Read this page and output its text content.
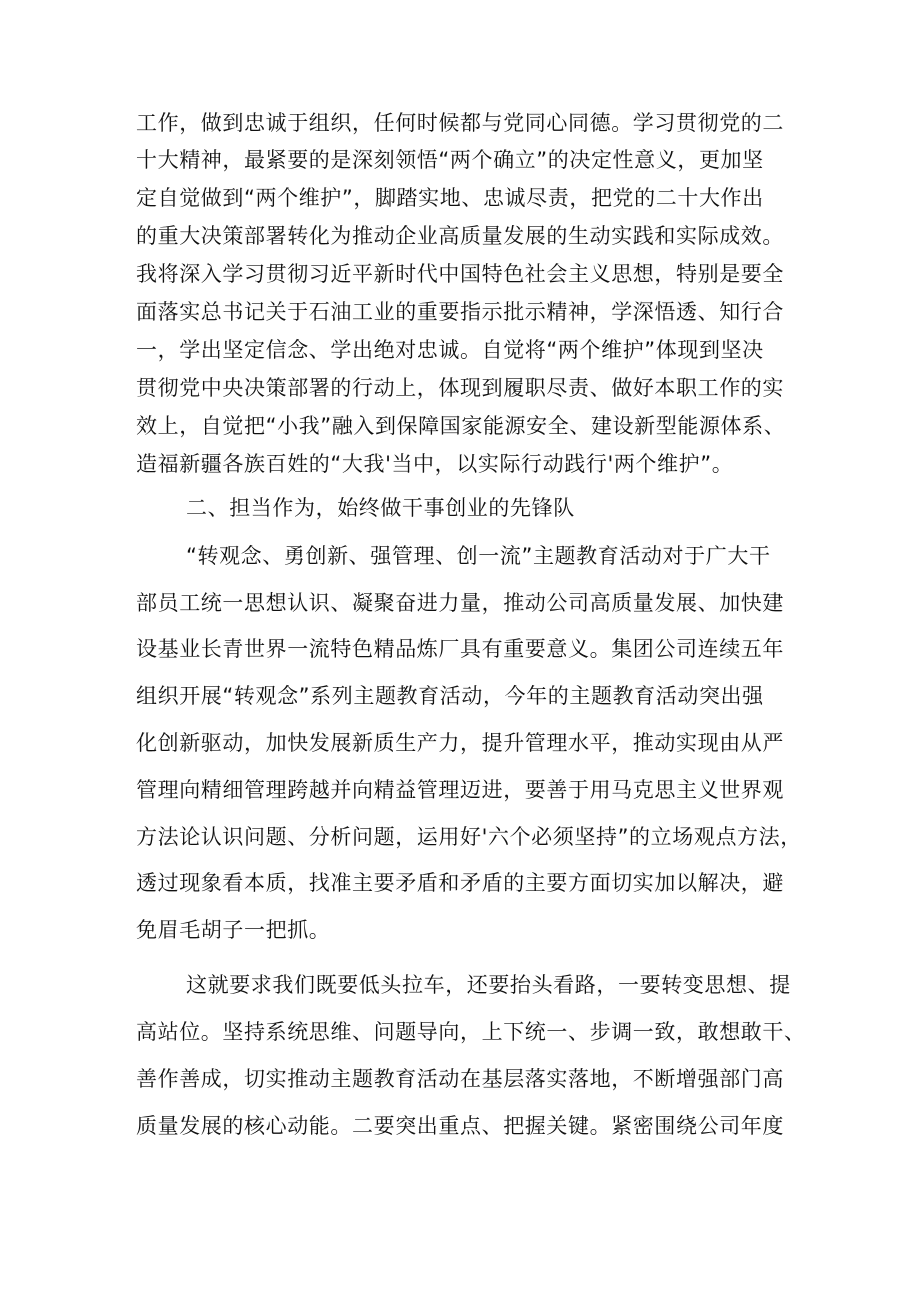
工作，做到忠诚于组织，任何时候都与党同心同德。学习贯彻党的二
十大精神，最紧要的是深刻领悟“两个确立”的决定性意义，更加坚
定自觉做到“两个维护”，脚踏实地、忠诚尽责，把党的二十大作出
的重大决策部署转化为推动企业高质量发展的生动实践和实际成效。
我将深入学习贯彻习近平新时代中国特色社会主义思想，特别是要全
面落实总书记关于石油工业的重要指示批示精神，学深悟透、知行合
一，学出坚定信念、学出绝对忠诚。自觉将“两个维护”体现到坚决
贯彻党中央决策部署的行动上，体现到履职尽责、做好本职工作的实
效上，自觉把“小我”融入到保障国家能源安全、建设新型能源体系、
造福新疆各族百姓的“大我'当中，以实际行动践行'两个维护”。
二、担当作为，始终做干事创业的先锋队
“转观念、勇创新、强管理、创一流”主题教育活动对于广大干
部员工统一思想认识、凝聚奋进力量，推动公司高质量发展、加快建
设基业长青世界一流特色精品炼厂具有重要意义。集团公司连续五年
组织开展“转观念”系列主题教育活动，今年的主题教育活动突出强
化创新驱动，加快发展新质生产力，提升管理水平，推动实现由从严
管理向精细管理跨越并向精益管理迈进，要善于用马克思主义世界观
方法论认识问题、分析问题，运用好'六个必须坚持”的立场观点方法，
透过现象看本质，找准主要矛盾和矛盾的主要方面切实加以解决，避
免眉毛胡子一把抓。
这就要求我们既要低头拉车，还要抬头看路，一要转变思想、提
高站位。坚持系统思维、问题导向，上下统一、步调一致，敢想敢干、
善作善成，切实推动主题教育活动在基层落实落地，不断增强部门高
质量发展的核心动能。二要突出重点、把握关键。紧密围绕公司年度
